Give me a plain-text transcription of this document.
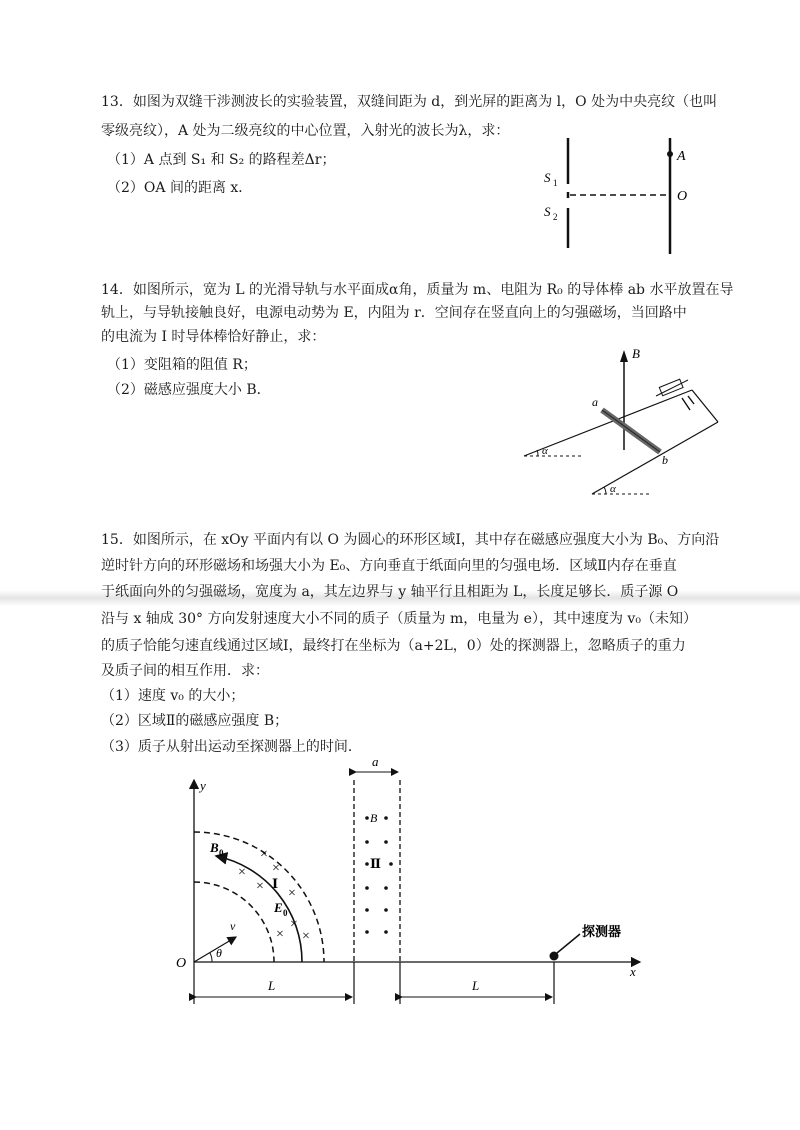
13．如图为双缝干涉测波长的实验装置，双缝间距为 d，到光屏的距离为 l，O 处为中央亮纹（也叫
零级亮纹），A 处为二级亮纹的中心位置，入射光的波长为λ，求：
（1）A 点到 S₁ 和 S₂ 的路程差Δr；
（2）OA 间的距离 x．
A
O
S 1
S 2
14．如图所示，宽为 L 的光滑导轨与水平面成α角，质量为 m、电阻为 R₀ 的导体棒 ab 水平放置在导
轨上，与导轨接触良好，电源电动势为 E，内阻为 r．空间存在竖直向上的匀强磁场，当回路中
的电流为 I 时导体棒恰好静止，求：
（1）变阻箱的阻值 R；
（2）磁感应强度大小 B．
B
a
b
α
α
15．如图所示，在 xOy 平面内有以 O 为圆心的环形区域Ⅰ，其中存在磁感应强度大小为 B₀、方向沿
逆时针方向的环形磁场和场强大小为 E₀、方向垂直于纸面向里的匀强电场．区域Ⅱ内存在垂直
于纸面向外的匀强磁场，宽度为 a，其左边界与 y 轴平行且相距为 L，长度足够长．质子源 O
沿与 x 轴成 30° 方向发射速度大小不同的质子（质量为 m，电量为 e），其中速度为 v₀（未知）
的质子恰能匀速直线通过区域Ⅰ，最终打在坐标为（a+2L，0）处的探测器上，忽略质子的重力
及质子间的相互作用．求：
（1）速度 v₀ 的大小；
（2）区域Ⅱ的磁感应强度 B；
（3）质子从射出运动至探测器上的时间．
y
x
O
B 0
E 0
Ⅰ
×
× ×
× ×
×
× ×
v
θ
a
B
Ⅱ
探测器
L	L
